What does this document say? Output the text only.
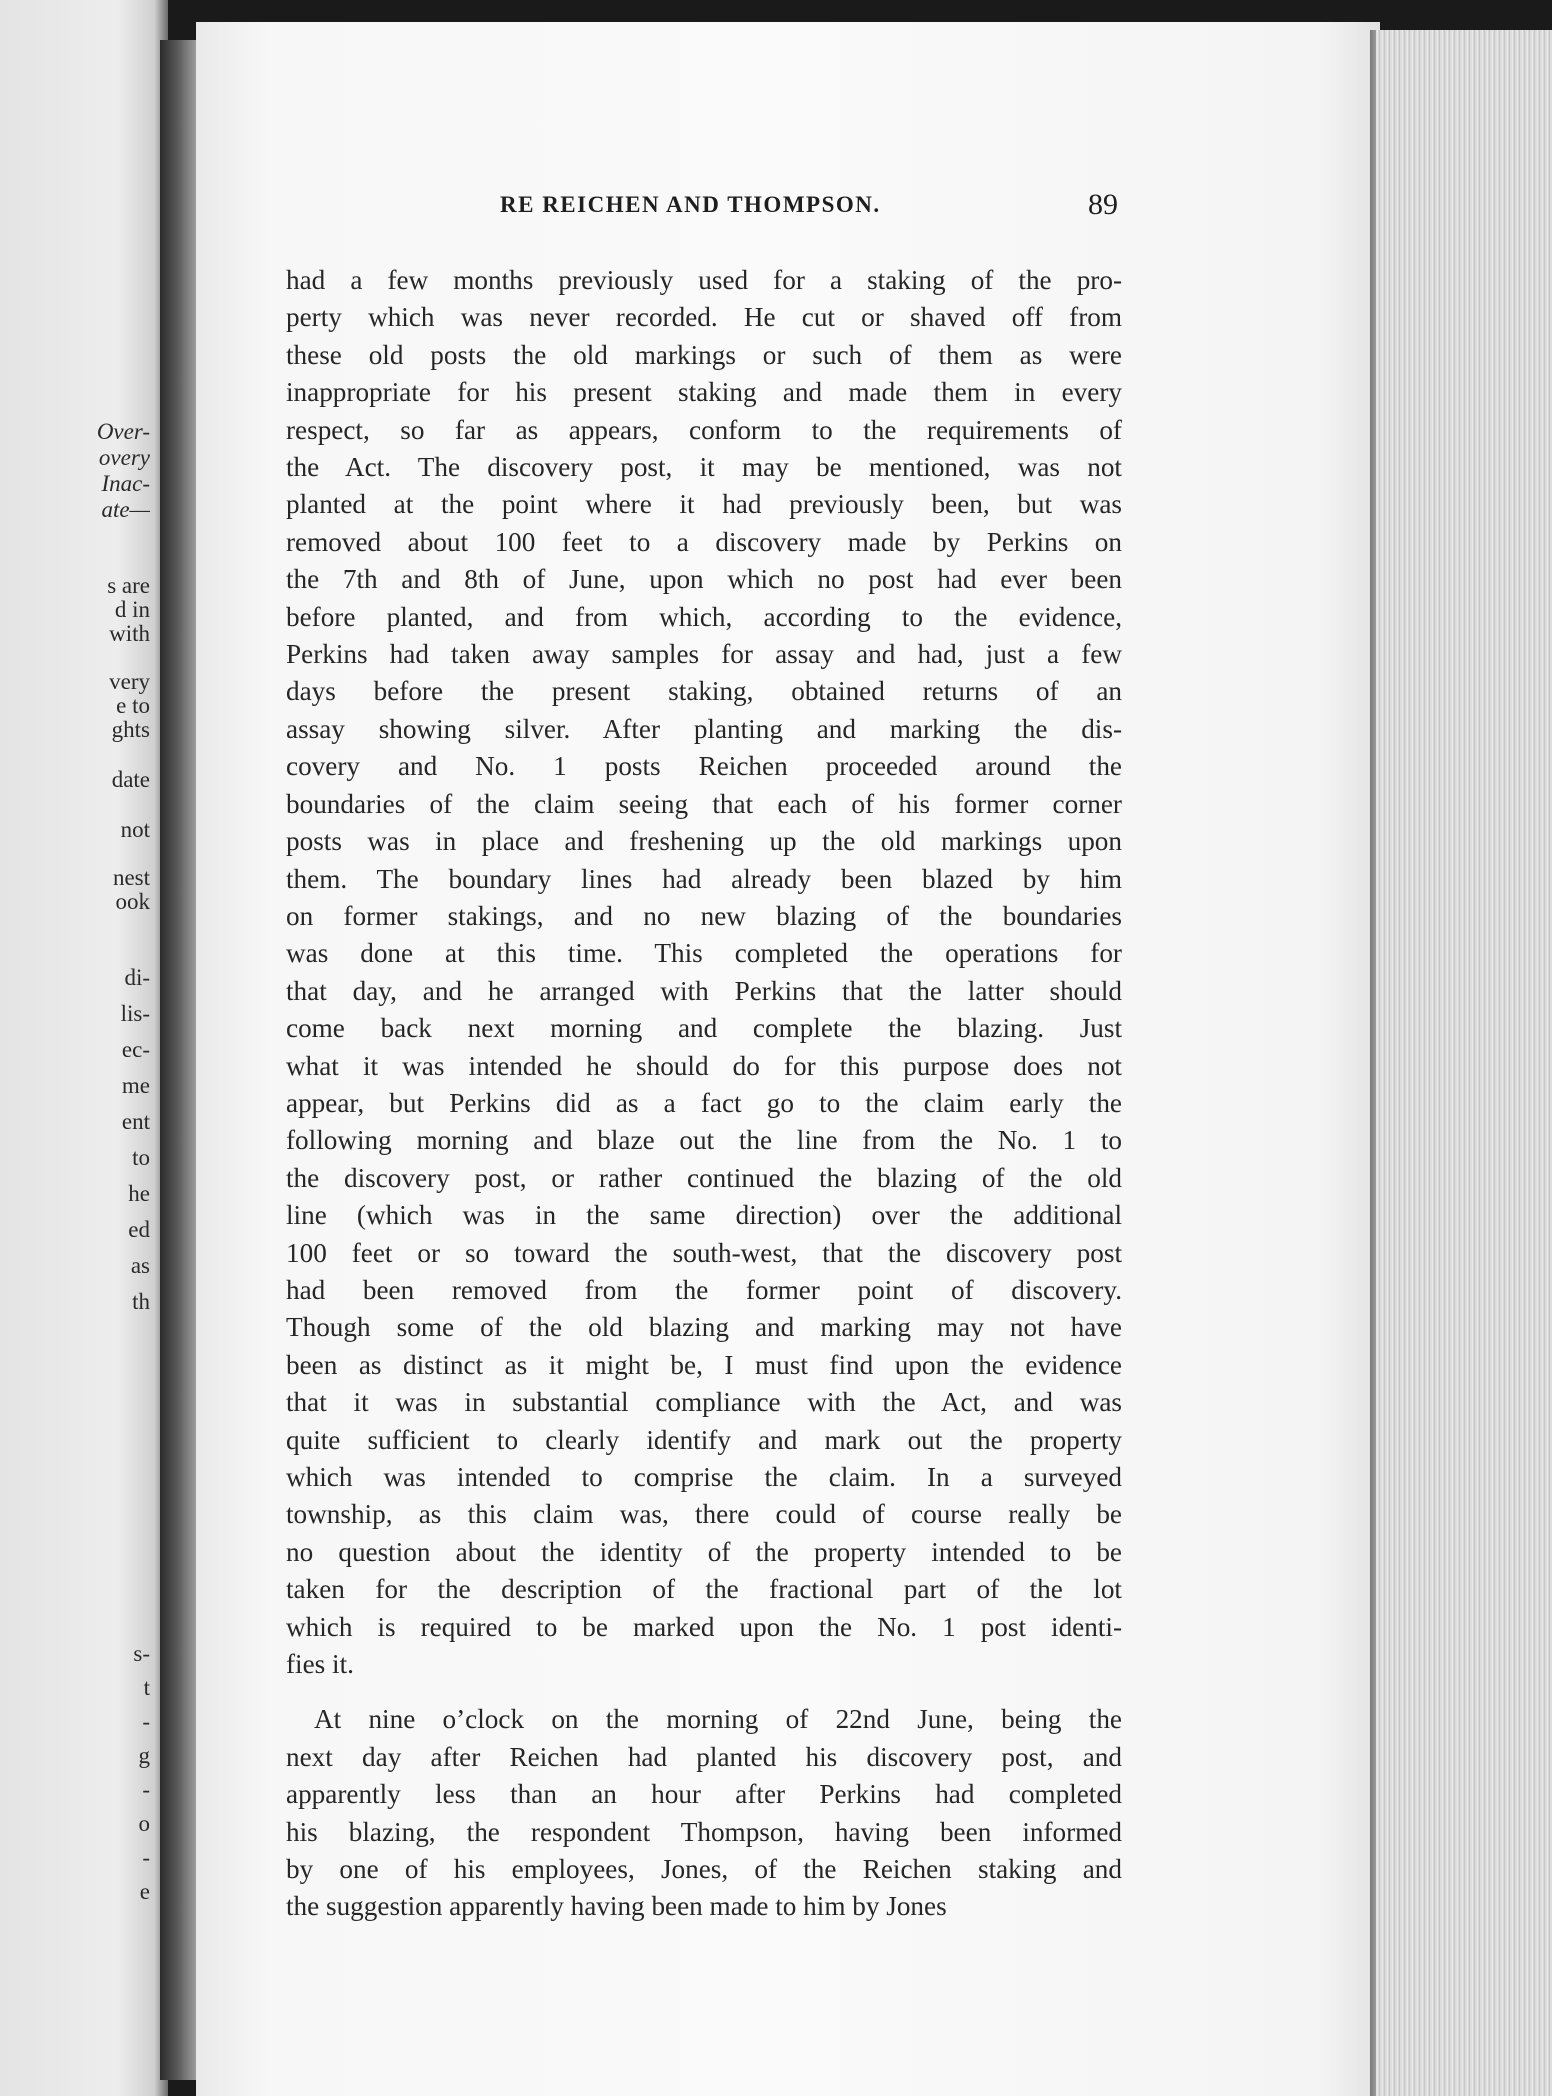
Over-
overy
Inac-
ate—
s are
d in
with
very
e to
ghts
date
not
nest
ook
di-
lis-
ec-
me
ent
to
he
ed
as
th
s-
t
-
g
-
o
-
e
RE REICHEN AND THOMPSON.	89
had a few months previously used for a staking of the pro-
perty which was never recorded. He cut or shaved off from
these old posts the old markings or such of them as were
inappropriate for his present staking and made them in every
respect, so far as appears, conform to the requirements of
the Act. The discovery post, it may be mentioned, was not
planted at the point where it had previously been, but was
removed about 100 feet to a discovery made by Perkins on
the 7th and 8th of June, upon which no post had ever been
before planted, and from which, according to the evidence,
Perkins had taken away samples for assay and had, just a few
days before the present staking, obtained returns of an
assay showing silver. After planting and marking the dis-
covery and No. 1 posts Reichen proceeded around the
boundaries of the claim seeing that each of his former corner
posts was in place and freshening up the old markings upon
them. The boundary lines had already been blazed by him
on former stakings, and no new blazing of the boundaries
was done at this time. This completed the operations for
that day, and he arranged with Perkins that the latter should
come back next morning and complete the blazing. Just
what it was intended he should do for this purpose does not
appear, but Perkins did as a fact go to the claim early the
following morning and blaze out the line from the No. 1 to
the discovery post, or rather continued the blazing of the old
line (which was in the same direction) over the additional
100 feet or so toward the south-west, that the discovery post
had been removed from the former point of discovery.
Though some of the old blazing and marking may not have
been as distinct as it might be, I must find upon the evidence
that it was in substantial compliance with the Act, and was
quite sufficient to clearly identify and mark out the property
which was intended to comprise the claim. In a surveyed
township, as this claim was, there could of course really be
no question about the identity of the property intended to be
taken for the description of the fractional part of the lot
which is required to be marked upon the No. 1 post identi-
fies it.
At nine o’clock on the morning of 22nd June, being the
next day after Reichen had planted his discovery post, and
apparently less than an hour after Perkins had completed
his blazing, the respondent Thompson, having been informed
by one of his employees, Jones, of the Reichen staking and
the suggestion apparently having been made to him by Jones
